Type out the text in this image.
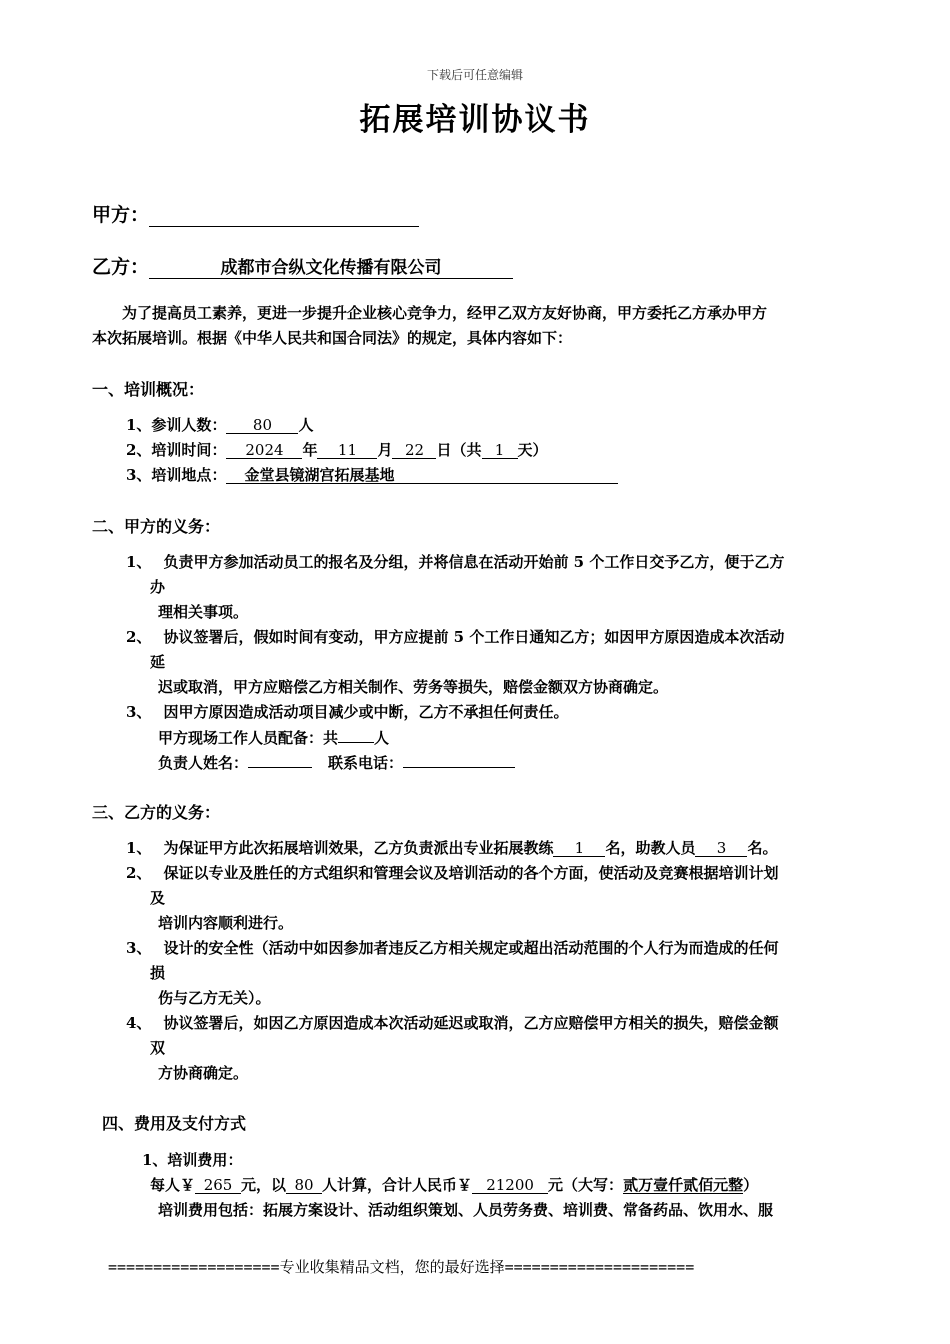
下载后可任意编辑
拓展培训协议书
甲方：
乙方：	成都市合纵文化传播有限公司
为了提高员工素养，更进一步提升企业核心竞争力，经甲乙双方友好协商，甲方委托乙方承办甲方
本次拓展培训。根据《中华人民共和国合同法》的规定，具体内容如下：
一、培训概况：
1、参训人数： 80 人
2、培训时间： 2024 年 11 月 22 日（共 1 天）
3、培训地点： 金堂县镜湖宫拓展基地
二、甲方的义务：
1、 负责甲方参加活动员工的报名及分组，并将信息在活动开始前 5 个工作日交予乙方，便于乙方
办
理相关事项。
2、 协议签署后，假如时间有变动，甲方应提前 5 个工作日通知乙方；如因甲方原因造成本次活动
延
迟或取消，甲方应赔偿乙方相关制作、劳务等损失，赔偿金额双方协商确定。
3、 因甲方原因造成活动项目减少或中断，乙方不承担任何责任。
甲方现场工作人员配备：共 人
负责人姓名：	联系电话：
三、乙方的义务：
1、 为保证甲方此次拓展培训效果，乙方负责派出专业拓展教练 1 名，助教人员 3 名。
2、 保证以专业及胜任的方式组织和管理会议及培训活动的各个方面，使活动及竞赛根据培训计划
及
培训内容顺利进行。
3、 设计的安全性（活动中如因参加者违反乙方相关规定或超出活动范围的个人行为而造成的任何
损
伤与乙方无关）。
4、 协议签署后，如因乙方原因造成本次活动延迟或取消，乙方应赔偿甲方相关的损失，赔偿金额
双
方协商确定。
四、费用及支付方式
1、培训费用：
每人￥ 265 元，以 80 人计算，合计人民币￥ 21200 元（大写：贰万壹仟贰佰元整）
培训费用包括：拓展方案设计、活动组织策划、人员劳务费、培训费、常备药品、饮用水、服
===================专业收集精品文档，您的最好选择=====================
